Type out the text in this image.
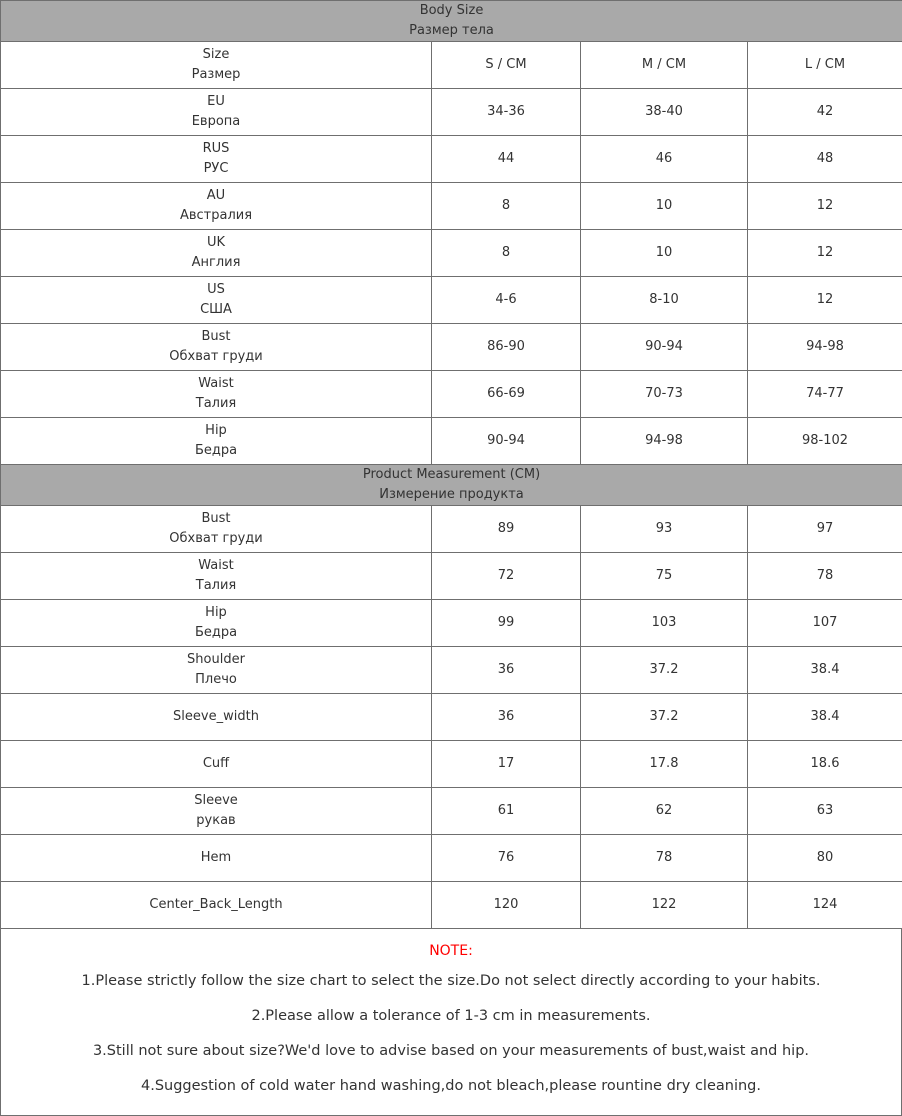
Body Size
Размер тела			

Size
Размер	S / CM	M / CM	L / CM

EU
Европа	34-36	38-40	42

RUS
РУС	44	46	48

AU
Австралия	8	10	12

UK
Англия	8	10	12

US
США	4-6	8-10	12

Bust
Обхват груди	86-90	90-94	94-98

Waist
Талия	66-69	70-73	74-77

Hip
Бедра	90-94	94-98	98-102

Product Measurement (CM)
Измерение продукта			

Bust
Обхват груди	89	93	97

Waist
Талия	72	75	78

Hip
Бедра	99	103	107

Shoulder
Плечо	36	37.2	38.4
Sleeve_width	36	37.2	38.4
Cuff	17	17.8	18.6

Sleeve
рукав	61	62	63
Hem	76	78	80
Center_Back_Length	120	122	124
NOTE:
1.Please strictly follow the size chart to select the size.Do not select directly according to your habits.
2.Please allow a tolerance of 1-3 cm in measurements.
3.Still not sure about size?We'd love to advise based on your measurements of bust,waist and hip.
4.Suggestion of cold water hand washing,do not bleach,please rountine dry cleaning.
